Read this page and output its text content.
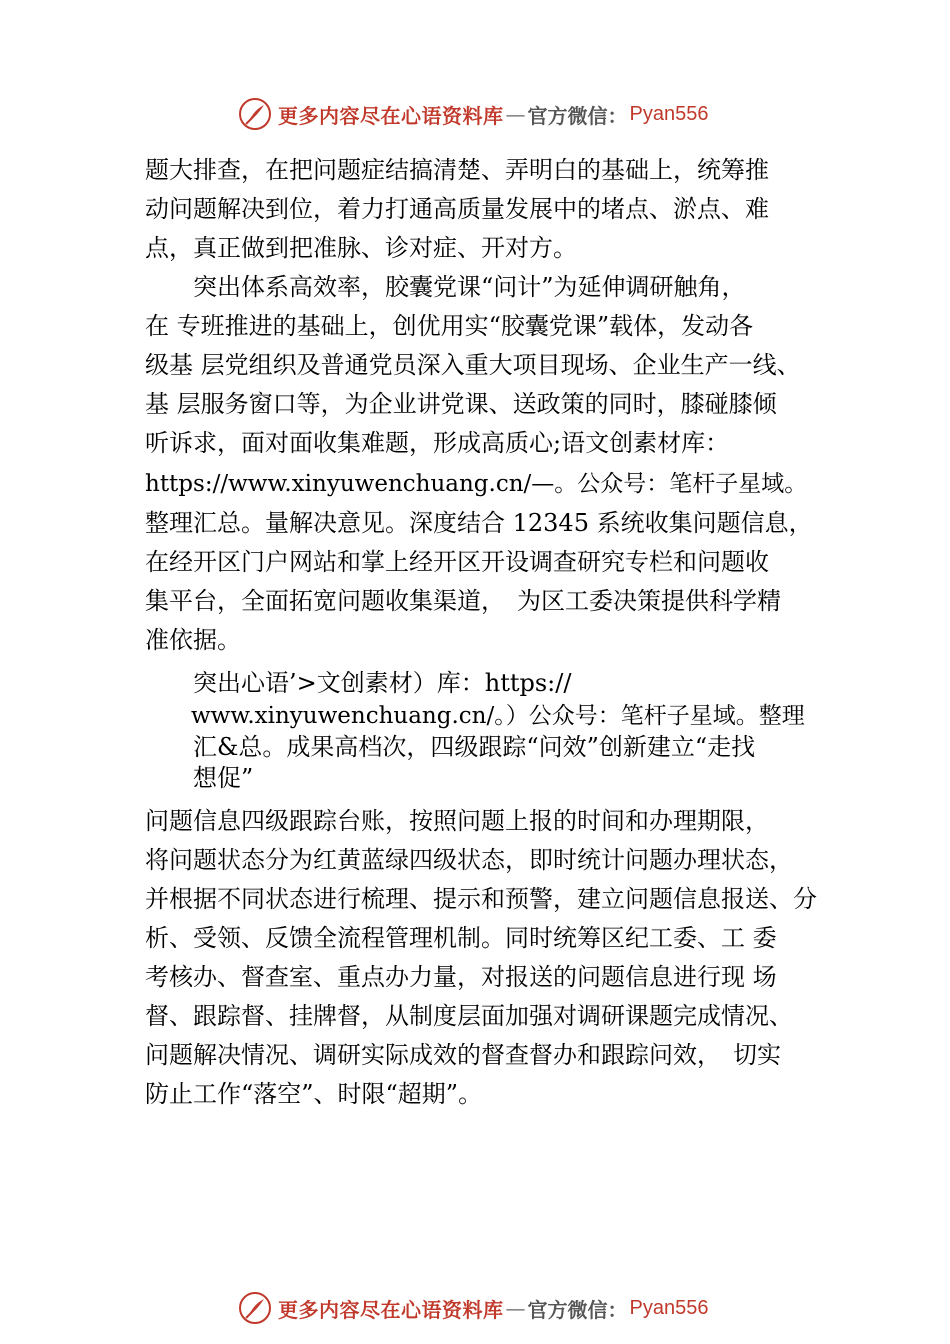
更多内容尽在心语资料库 — 官方微信： Pyan556
题大排查，在把问题症结搞清楚、弄明白的基础上，统筹推
动问题解决到位，着力打通高质量发展中的堵点、淤点、难
点，真正做到把准脉、诊对症、开对方。
　　突出体系高效率，胶囊党课“问计”为延伸调研触角，
在 专班推进的基础上，创优用实“胶囊党课”载体，发动各
级基 层党组织及普通党员深入重大项目现场、企业生产一线、
基 层服务窗口等，为企业讲党课、送政策的同时，膝碰膝倾
听诉求，面对面收集难题，形成高质心;语文创素材库：
https://www.xinyuwenchuang.cn/—。公众号：笔杆子星域。
整理汇总。量解决意见。深度结合 12345 系统收集问题信息，
在经开区门户网站和掌上经开区开设调查研究专栏和问题收
集平台，全面拓宽问题收集渠道，　为区工委决策提供科学精
准依据。
　　突出心语’>文创素材）库：https://
　　www.xinyuwenchuang.cn/。）公众号：笔杆子星域。整理
　　汇&总。成果高档次，四级跟踪“问效”创新建立“走找
　　想促”
问题信息四级跟踪台账，按照问题上报的时间和办理期限，
将问题状态分为红黄蓝绿四级状态，即时统计问题办理状态，
并根据不同状态进行梳理、提示和预警，建立问题信息报送、分
析、受领、反馈全流程管理机制。同时统筹区纪工委、工 委
考核办、督查室、重点办力量，对报送的问题信息进行现 场
督、跟踪督、挂牌督，从制度层面加强对调研课题完成情况、
问题解决情况、调研实际成效的督查督办和跟踪问效，　切实
防止工作“落空”、时限“超期”。
更多内容尽在心语资料库 — 官方微信： Pyan556
